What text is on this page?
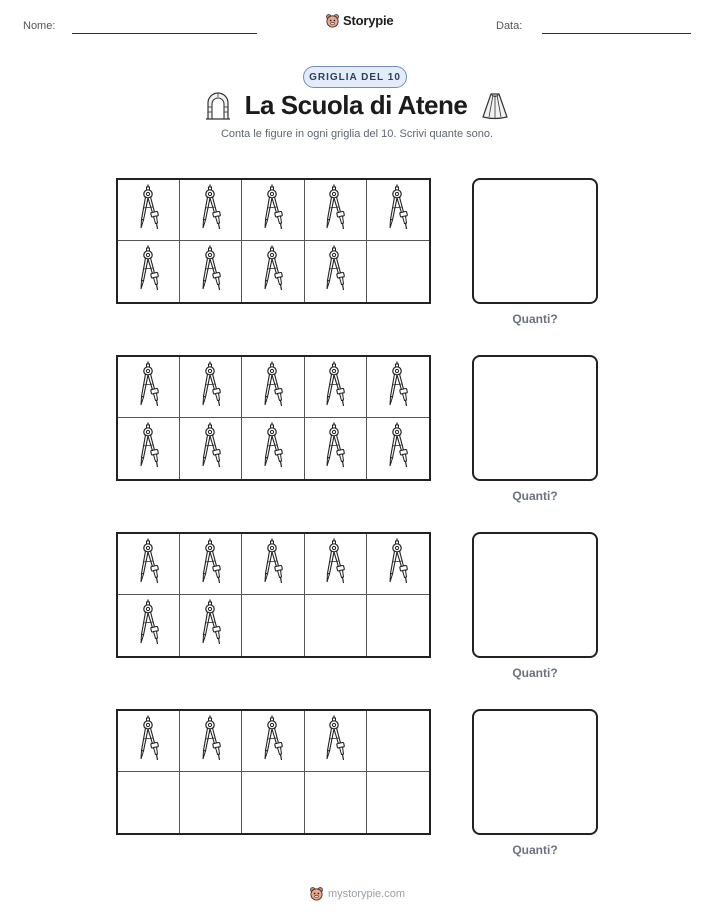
Nome:	Storypie	Data:
GRIGLIA DEL 10
La Scuola di Atene
Conta le figure in ogni griglia del 10. Scrivi quante sono.
Quanti?
Quanti?
Quanti?
Quanti?
mystorypie.com
